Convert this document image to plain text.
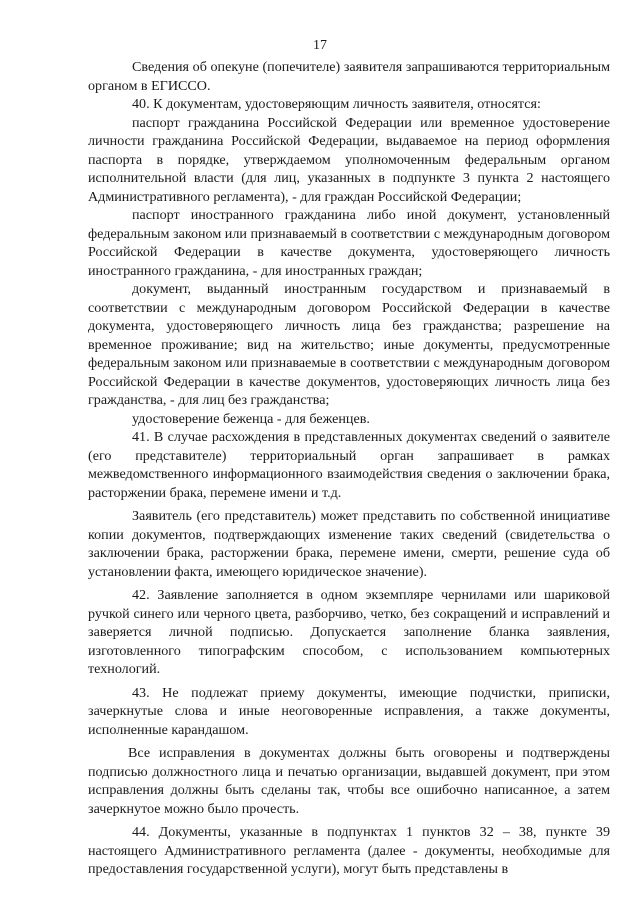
17

Сведения об опекуне (попечителе) заявителя запрашиваются территориальным органом в ЕГИССО.

40. К документам, удостоверяющим личность заявителя, относятся:

паспорт гражданина Российской Федерации или временное удостоверение личности гражданина Российской Федерации, выдаваемое на период оформления паспорта в порядке, утверждаемом уполномоченным федеральным органом исполнительной власти (для лиц, указанных в подпункте 3 пункта 2 настоящего Административного регламента), - для граждан Российской Федерации;

паспорт иностранного гражданина либо иной документ, установленный федеральным законом или признаваемый в соответствии с международным договором Российской Федерации в качестве документа, удостоверяющего личность иностранного гражданина, - для иностранных граждан;

документ, выданный иностранным государством и признаваемый в соответствии с международным договором Российской Федерации в качестве документа, удостоверяющего личность лица без гражданства; разрешение на временное проживание; вид на жительство; иные документы, предусмотренные федеральным законом или признаваемые в соответствии с международным договором Российской Федерации в качестве документов, удостоверяющих личность лица без гражданства, - для лиц без гражданства;

удостоверение беженца - для беженцев.

41. В случае расхождения в представленных документах сведений о заявителе (его представителе) территориальный орган запрашивает в рамках межведомственного информационного взаимодействия сведения о заключении брака, расторжении брака, перемене имени и т.д.

Заявитель (его представитель) может представить по собственной инициативе копии документов, подтверждающих изменение таких сведений (свидетельства о заключении брака, расторжении брака, перемене имени, смерти, решение суда об установлении факта, имеющего юридическое значение).

42. Заявление заполняется в одном экземпляре чернилами или шариковой ручкой синего или черного цвета, разборчиво, четко, без сокращений и исправлений и заверяется личной подписью. Допускается заполнение бланка заявления, изготовленного типографским способом, с использованием компьютерных технологий.

43. Не подлежат приему документы, имеющие подчистки, приписки, зачеркнутые слова и иные неоговоренные исправления, а также документы, исполненные карандашом.

Все исправления в документах должны быть оговорены и подтверждены подписью должностного лица и печатью организации, выдавшей документ, при этом исправления должны быть сделаны так, чтобы все ошибочно написанное, а затем зачеркнутое можно было прочесть.

44. Документы, указанные в подпунктах 1 пунктов 32 – 38, пункте 39 настоящего Административного регламента (далее - документы, необходимые для предоставления государственной услуги), могут быть представлены в
